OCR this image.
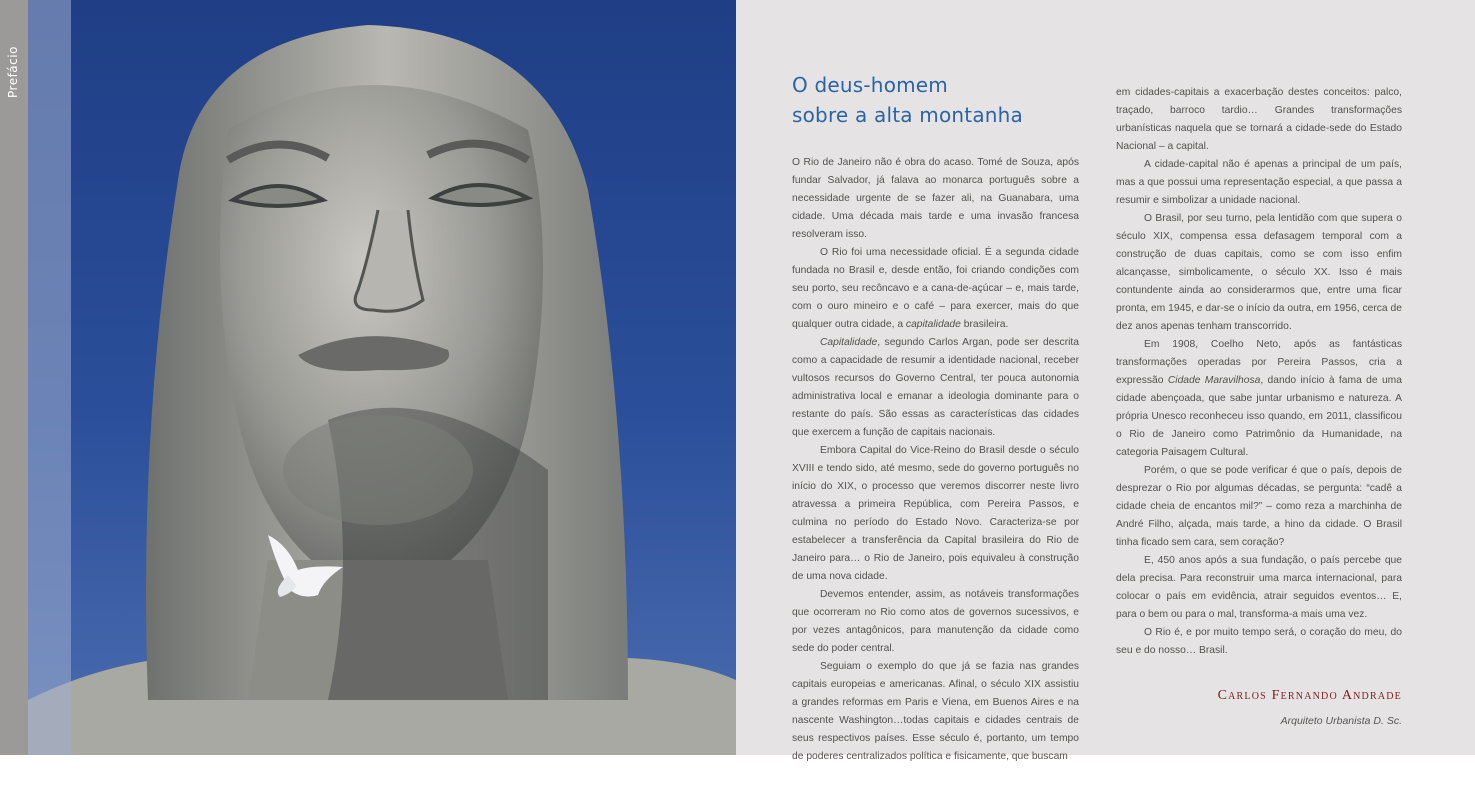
Prefácio	O deus-homem
sobre a alta montanha

O Rio de Janeiro não é obra do acaso. Tomé de Souza, após fundar Salvador, já falava ao monarca português sobre a necessidade urgente de se fazer ali, na Guanabara, uma cidade. Uma década mais tarde e uma invasão francesa resolveram isso.

O Rio foi uma necessidade oficial. É a segunda cidade fundada no Brasil e, desde então, foi criando condições com seu porto, seu recôncavo e a cana-de-açúcar – e, mais tarde, com o ouro mineiro e o café – para exercer, mais do que qualquer outra cidade, a capitalidade brasileira.

Capitalidade, segundo Carlos Argan, pode ser descrita como a capacidade de resumir a identidade nacional, receber vultosos recursos do Governo Central, ter pouca autonomia administrativa local e emanar a ideologia dominante para o restante do país. São essas as características das cidades que exercem a função de capitais nacionais.

Embora Capital do Vice-Reino do Brasil desde o século XVIII e tendo sido, até mesmo, sede do governo português no início do XIX, o processo que veremos discorrer neste livro atravessa a primeira República, com Pereira Passos, e culmina no período do Estado Novo. Caracteriza-se por estabelecer a transferência da Capital brasileira do Rio de Janeiro para… o Rio de Janeiro, pois equivaleu à construção de uma nova cidade.

Devemos entender, assim, as notáveis transformações que ocorreram no Rio como atos de governos sucessivos, e por vezes antagônicos, para manutenção da cidade como sede do poder central.

Seguiam o exemplo do que já se fazia nas grandes capitais europeias e americanas. Afinal, o século XIX assistiu a grandes reformas em Paris e Viena, em Buenos Aires e na nascente Washington…todas capitais e cidades centrais de seus respectivos países. Esse século é, portanto, um tempo de poderes centralizados política e fisicamente, que buscam

em cidades-capitais a exacerbação destes conceitos: palco, traçado, barroco tardio… Grandes transformações urbanísticas naquela que se tornará a cidade-sede do Estado Nacional – a capital.

A cidade-capital não é apenas a principal de um país, mas a que possui uma representação especial, a que passa a resumir e simbolizar a unidade nacional.

O Brasil, por seu turno, pela lentidão com que supera o século XIX, compensa essa defasagem temporal com a construção de duas capitais, como se com isso enfim alcançasse, simbolicamente, o século XX. Isso é mais contundente ainda ao considerarmos que, entre uma ficar pronta, em 1945, e dar-se o início da outra, em 1956, cerca de dez anos apenas tenham transcorrido.

Em 1908, Coelho Neto, após as fantásticas transformações operadas por Pereira Passos, cria a expressão Cidade Maravilhosa, dando início à fama de uma cidade abençoada, que sabe juntar urbanismo e natureza. A própria Unesco reconheceu isso quando, em 2011, classificou o Rio de Janeiro como Patrimônio da Humanidade, na categoria Paisagem Cultural.

Porém, o que se pode verificar é que o país, depois de desprezar o Rio por algumas décadas, se pergunta: “cadê a cidade cheia de encantos mil?” – como reza a marchinha de André Filho, alçada, mais tarde, a hino da cidade. O Brasil tinha ficado sem cara, sem coração?

E, 450 anos após a sua fundação, o país percebe que dela precisa. Para reconstruir uma marca internacional, para colocar o país em evidência, atrair seguidos eventos… E, para o bem ou para o mal, transforma-a mais uma vez.

O Rio é, e por muito tempo será, o coração do meu, do seu e do nosso… Brasil.

Carlos Fernando Andrade
Arquiteto Urbanista D. Sc.
